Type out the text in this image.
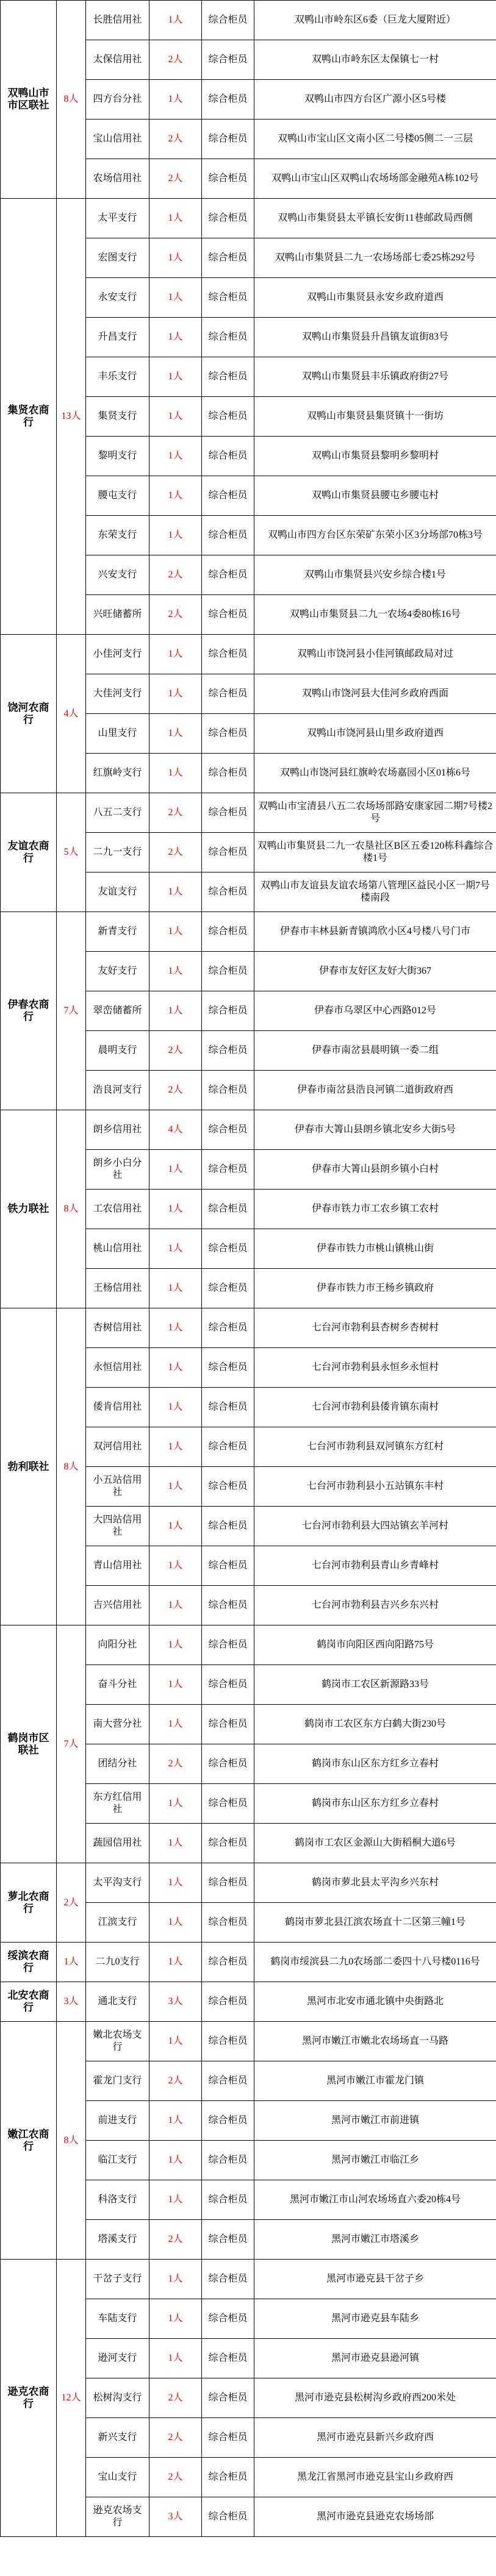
双鸭山市市区联社	8人	长胜信用社	1人	综合柜员	双鸭山市岭东区6委（巨龙大厦附近）
		太保信用社	2人	综合柜员	双鸭山市岭东区太保镇七一村
		四方台分社	1人	综合柜员	双鸭山市四方台区广源小区5号楼
		宝山信用社	2人	综合柜员	双鸭山市宝山区文南小区二号楼05侧二一三层
		农场信用社	2人	综合柜员	双鸭山市宝山区双鸭山农场场部金融苑A栋102号
集贤农商行	13人	太平支行	1人	综合柜员	双鸭山市集贤县太平镇长安街11巷邮政局西侧
		宏图支行	1人	综合柜员	双鸭山市集贤县二九一农场场部七委25栋292号
		永安支行	1人	综合柜员	双鸭山市集贤县永安乡政府道西
		升昌支行	1人	综合柜员	双鸭山市集贤县升昌镇友谊街83号
		丰乐支行	1人	综合柜员	双鸭山市集贤县丰乐镇政府街27号
		集贤支行	1人	综合柜员	双鸭山市集贤县集贤镇十一街坊
		黎明支行	1人	综合柜员	双鸭山市集贤县黎明乡黎明村
		腰屯支行	1人	综合柜员	双鸭山市集贤县腰屯乡腰屯村
		东荣支行	1人	综合柜员	双鸭山市四方台区东荣矿东荣小区3分场部70栋3号
		兴安支行	2人	综合柜员	双鸭山市集贤县兴安乡综合楼1号
		兴旺储蓄所	2人	综合柜员	双鸭山市集贤县二九一农场4委80栋16号
饶河农商行	4人	小佳河支行	1人	综合柜员	双鸭山市饶河县小佳河镇邮政局对过
		大佳河支行	1人	综合柜员	双鸭山市饶河县大佳河乡政府西面
		山里支行	1人	综合柜员	双鸭山市饶河县山里乡政府道西
		红旗岭支行	1人	综合柜员	双鸭山市饶河县红旗岭农场嘉园小区01栋6号
友谊农商行	5人	八五二支行	2人	综合柜员	双鸭山市宝清县八五二农场场部路安康家园二期7号楼2号
		二九一支行	2人	综合柜员	双鸭山市集贤县二九一农垦社区B区五委120栋科鑫综合楼1号
		友谊支行	1人	综合柜员	双鸭山市友谊县友谊农场第八管理区益民小区一期7号楼南段
伊春农商行	7人	新青支行	1人	综合柜员	伊春市丰林县新青镇鸿欣小区4号楼八号门市
		友好支行	1人	综合柜员	伊春市友好区友好大街367
		翠峦储蓄所	1人	综合柜员	伊春市乌翠区中心西路012号
		晨明支行	2人	综合柜员	伊春市南岔县晨明镇一委二组
		浩良河支行	2人	综合柜员	伊春市南岔县浩良河镇二道街政府西
铁力联社	8人	朗乡信用社	4人	综合柜员	伊春市大箐山县朗乡镇北安乡大街5号
		朗乡小白分社	1人	综合柜员	伊春市大箐山县朗乡镇小白村
		工农信用社	1人	综合柜员	伊春市铁力市工农乡镇工农村
		桃山信用社	1人	综合柜员	伊春市铁力市桃山镇桃山街
		王杨信用社	1人	综合柜员	伊春市铁力市王杨乡镇政府
勃利联社	8人	杏树信用社	1人	综合柜员	七台河市勃利县杏树乡杏树村
		永恒信用社	1人	综合柜员	七台河市勃利县永恒乡永恒村
		倭肯信用社	1人	综合柜员	七台河市勃利县倭肯镇东南村
		双河信用社	1人	综合柜员	七台河市勃利县双河镇东方红村
		小五站信用社	1人	综合柜员	七台河市勃利县小五站镇东丰村
		大四站信用社	1人	综合柜员	七台河市勃利县大四站镇玄羊河村
		青山信用社	1人	综合柜员	七台河市勃利县青山乡青峰村
		吉兴信用社	1人	综合柜员	七台河市勃利县吉兴乡东兴村
鹤岗市区联社	7人	向阳分社	1人	综合柜员	鹤岗市向阳区西向阳路75号
		奋斗分社	1人	综合柜员	鹤岗市工农区新源路33号
		南大营分社	1人	综合柜员	鹤岗市工农区东方白鹤大街230号
		团结分社	2人	综合柜员	鹤岗市东山区东方红乡立春村
		东方红信用社	1人	综合柜员	鹤岗市东山区东方红乡立春村
		蔬园信用社	1人	综合柜员	鹤岗市工农区金源山大街稻桐大道6号
萝北农商行	2人	太平沟支行	1人	综合柜员	鹤岗市萝北县太平沟乡兴东村
		江滨支行	1人	综合柜员	鹤岗市萝北县江滨农场直十二区第三幢1号
绥滨农商行	1人	二九0支行	1人	综合柜员	鹤岗市绥滨县二九0农场部二委四十八号楼0116号
北安农商行	3人	通北支行	3人	综合柜员	黑河市北安市通北镇中央街路北
嫩江农商行	8人	嫩北农场支行	1人	综合柜员	黑河市嫩江市嫩北农场场直一马路
		霍龙门支行	2人	综合柜员	黑河市嫩江市霍龙门镇
		前进支行	1人	综合柜员	黑河市嫩江市前进镇
		临江支行	1人	综合柜员	黑河市嫩江市临江乡
		科洛支行	1人	综合柜员	黑河市嫩江市山河农场场直六委20栋4号
		塔溪支行	2人	综合柜员	黑河市嫩江市塔溪乡
逊克农商行	12人	干岔子支行	1人	综合柜员	黑河市逊克县干岔子乡
		车陆支行	1人	综合柜员	黑河市逊克县车陆乡
		逊河支行	1人	综合柜员	黑河市逊克县逊河镇
		松树沟支行	2人	综合柜员	黑河市逊克县松树沟乡政府西200米处
		新兴支行	2人	综合柜员	黑河市逊克县新兴乡政府西
		宝山支行	2人	综合柜员	黑龙江省黑河市逊克县宝山乡政府西
		逊克农场支行	3人	综合柜员	黑河市逊克县逊克农场场部
